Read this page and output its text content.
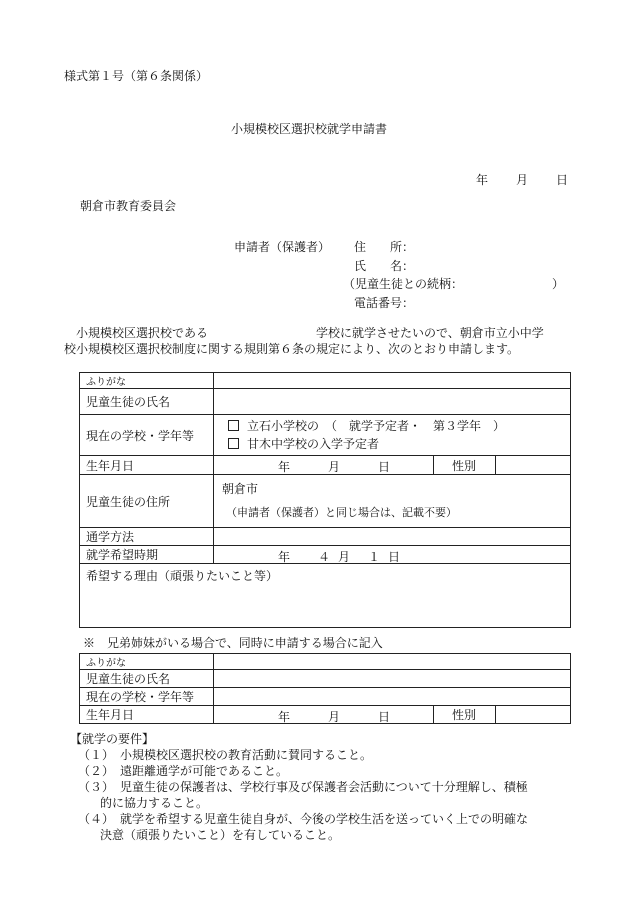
様式第１号（第６条関係）
小規模校区選択校就学申請書
年 月 日
朝倉市教育委員会
申請者（保護者） 住　　所：
氏　　名：
（児童生徒との続柄：	）
電話番号：
小規模校区選択校である	学校に就学させたいので、朝倉市立小中学
校小規模校区選択校制度に関する規則第６条の規定により、次のとおり申請します。
ふりがな			
児童生徒の氏名			
現在の学校・学年等	立石小学校の　（　就学予定者・　第３学年　）
甘木中学校の入学予定者		

生年月日	年 月 日	性別	
児童生徒の住所	朝倉市
（申請者（保護者）と同じ場合は、記載不要）		

通学方法			
就学希望時期	年 ４ 月 １ 日		

希望する理由（頑張りたいこと等）			
※　兄弟姉妹がいる場合で、同時に申請する場合に記入
ふりがな			
児童生徒の氏名			
現在の学校・学年等			
生年月日	年 月 日	性別	
【就学の要件】
（１）　小規模校区選択校の教育活動に賛同すること。
（２）　遠距離通学が可能であること。
（３）　児童生徒の保護者は、学校行事及び保護者会活動について十分理解し、積極
的に協力すること。
（４）　就学を希望する児童生徒自身が、今後の学校生活を送っていく上での明確な
決意（頑張りたいこと）を有していること。
